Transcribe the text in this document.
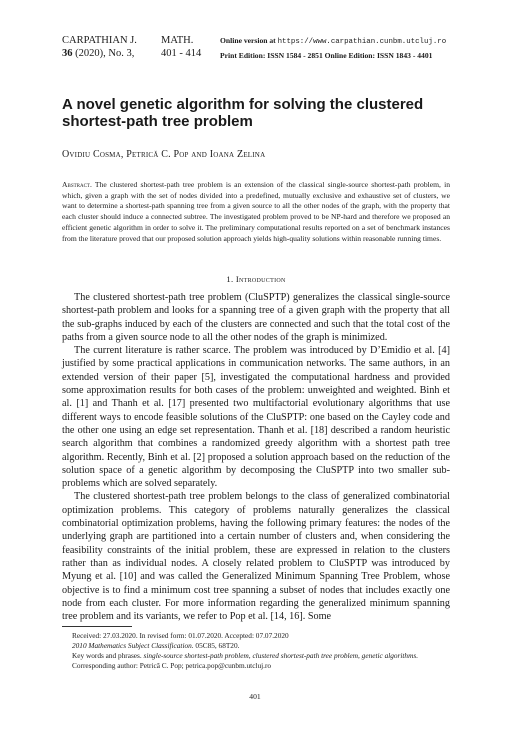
CARPATHIAN J.
36 (2020), No. 3,
MATH.
401 - 414
Online version at https://www.carpathian.cunbm.utcluj.ro
Print Edition: ISSN 1584 - 2851 Online Edition: ISSN 1843 - 4401
A novel genetic algorithm for solving the clustered shortest-path tree problem
Ovidiu Cosma, Petrică C. Pop and Ioana Zelina

Abstract. The clustered shortest-path tree problem is an extension of the classical single-source shortest-path problem, in which, given a graph with the set of nodes divided into a predefined, mutually exclusive and exhaustive set of clusters, we want to determine a shortest-path spanning tree from a given source to all the other nodes of the graph, with the property that each cluster should induce a connected subtree. The investigated problem proved to be NP-hard and therefore we proposed an efficient genetic algorithm in order to solve it. The preliminary computational results reported on a set of benchmark instances from the literature proved that our proposed solution approach yields high-quality solutions within reasonable running times.

1. Introduction

The clustered shortest-path tree problem (CluSPTP) generalizes the classical single-source shortest-path problem and looks for a spanning tree of a given graph with the property that all the sub-graphs induced by each of the clusters are connected and such that the total cost of the paths from a given source node to all the other nodes of the graph is minimized.

The current literature is rather scarce. The problem was introduced by D’Emidio et al. [4] justified by some practical applications in communication networks. The same authors, in an extended version of their paper [5], investigated the computational hardness and provided some approximation results for both cases of the problem: unweighted and weighted. Binh et al. [1] and Thanh et al. [17] presented two multifactorial evolutionary algorithms that use different ways to encode feasible solutions of the CluSPTP: one based on the Cayley code and the other one using an edge set representation. Thanh et al. [18] described a random heuristic search algorithm that combines a randomized greedy algorithm with a shortest path tree algorithm. Recently, Binh et al. [2] proposed a solution approach based on the reduction of the solution space of a genetic algorithm by decomposing the CluSPTP into two smaller sub-problems which are solved separately.

The clustered shortest-path tree problem belongs to the class of generalized combinatorial optimization problems. This category of problems naturally generalizes the classical combinatorial optimization problems, having the following primary features: the nodes of the underlying graph are partitioned into a certain number of clusters and, when considering the feasibility constraints of the initial problem, these are expressed in relation to the clusters rather than as individual nodes. A closely related problem to CluSPTP was introduced by Myung et al. [10] and was called the Generalized Minimum Spanning Tree Problem, whose objective is to find a minimum cost tree spanning a subset of nodes that includes exactly one node from each cluster. For more information regarding the generalized minimum spanning tree problem and its variants, we refer to Pop et al. [14, 16]. Some

Received: 27.03.2020. In revised form: 01.07.2020. Accepted: 07.07.2020
2010 Mathematics Subject Classification. 05C85, 68T20.
Key words and phrases. single-source shortest-path problem, clustered shortest-path tree problem, genetic algorithms.
Corresponding author: Petrică C. Pop; petrica.pop@cunbm.utcluj.ro
401
